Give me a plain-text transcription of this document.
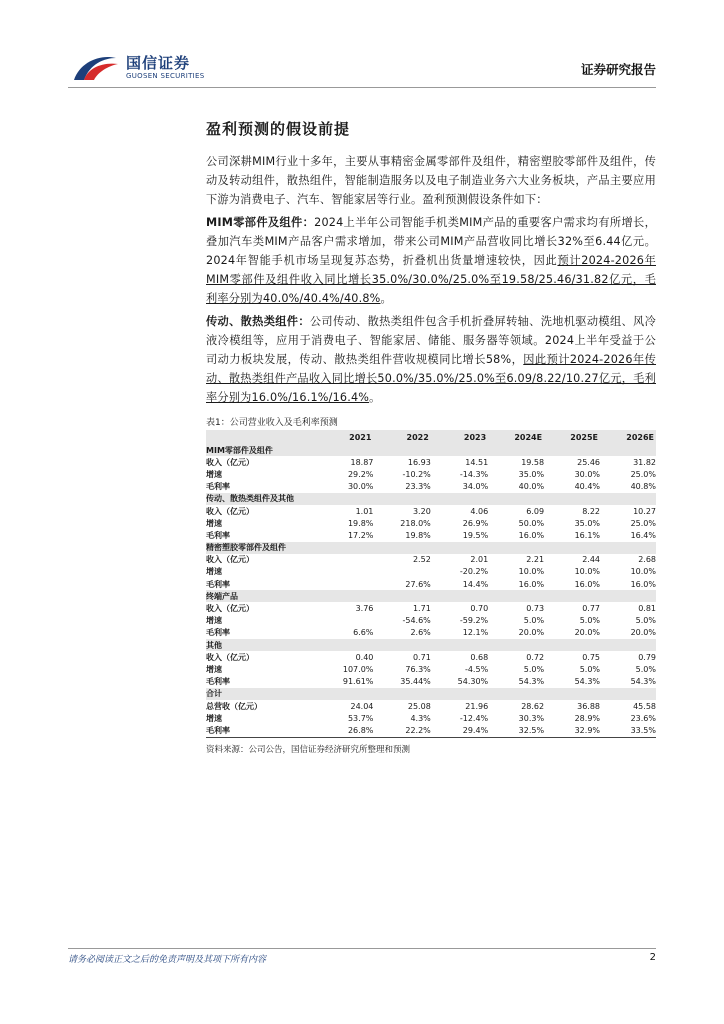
国信证券
GUOSEN SECURITIES	证券研究报告
盈利预测的假设前提

公司深耕MIM行业十多年，主要从事精密金属零部件及组件，精密塑胶零部件及组件，传动及转动组件，散热组件，智能制造服务以及电子制造业务六大业务板块，产品主要应用下游为消费电子、汽车、智能家居等行业。盈利预测假设条件如下：

MIM零部件及组件：2024上半年公司智能手机类MIM产品的重要客户需求均有所增长，叠加汽车类MIM产品客户需求增加，带来公司MIM产品营收同比增长32%至6.44亿元。2024年智能手机市场呈现复苏态势，折叠机出货量增速较快，因此预计2024-2026年MIM零部件及组件收入同比增长35.0%/30.0%/25.0%至19.58/25.46/31.82亿元，毛利率分别为40.0%/40.4%/40.8%。

传动、散热类组件：公司传动、散热类组件包含手机折叠屏转轴、洗地机驱动模组、风冷液冷模组等，应用于消费电子、智能家居、储能、服务器等领域。2024上半年受益于公司动力板块发展，传动、散热类组件营收规模同比增长58%，因此预计2024-2026年传动、散热类组件产品收入同比增长50.0%/35.0%/25.0%至6.09/8.22/10.27亿元，毛利率分别为16.0%/16.1%/16.4%。

表1：公司营业收入及毛利率预测
	2021	2022	2023	2024E	2025E	2026E
MIM零部件及组件						
收入（亿元）	18.87	16.93	14.51	19.58	25.46	31.82
增速	29.2%	-10.2%	-14.3%	35.0%	30.0%	25.0%
毛利率	30.0%	23.3%	34.0%	40.0%	40.4%	40.8%
传动、散热类组件及其他						
收入（亿元）	1.01	3.20	4.06	6.09	8.22	10.27
增速	19.8%	218.0%	26.9%	50.0%	35.0%	25.0%
毛利率	17.2%	19.8%	19.5%	16.0%	16.1%	16.4%
精密塑胶零部件及组件						
收入（亿元）		2.52	2.01	2.21	2.44	2.68
增速			-20.2%	10.0%	10.0%	10.0%
毛利率		27.6%	14.4%	16.0%	16.0%	16.0%
终端产品						
收入（亿元）	3.76	1.71	0.70	0.73	0.77	0.81
增速		-54.6%	-59.2%	5.0%	5.0%	5.0%
毛利率	6.6%	2.6%	12.1%	20.0%	20.0%	20.0%
其他						
收入（亿元）	0.40	0.71	0.68	0.72	0.75	0.79
增速	107.0%	76.3%	-4.5%	5.0%	5.0%	5.0%
毛利率	91.61%	35.44%	54.30%	54.3%	54.3%	54.3%
合计						
总营收（亿元）	24.04	25.08	21.96	28.62	36.88	45.58
增速	53.7%	4.3%	-12.4%	30.3%	28.9%	23.6%
毛利率	26.8%	22.2%	29.4%	32.5%	32.9%	33.5%
资料来源：公司公告，国信证券经济研究所整理和预测
请务必阅读正文之后的免责声明及其项下所有内容	2
